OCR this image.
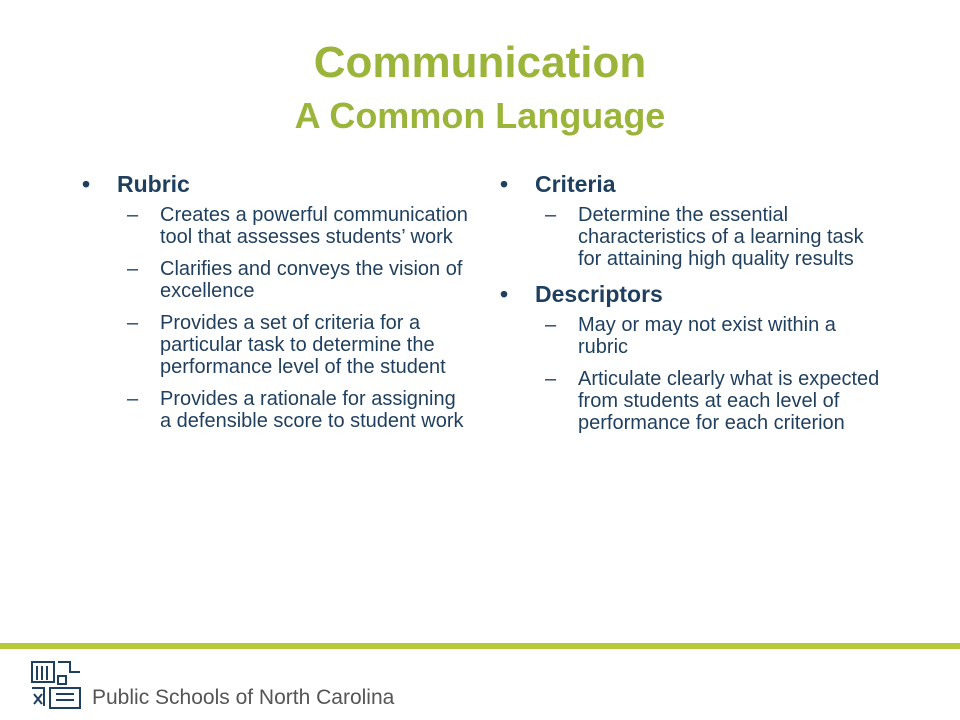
Communication
A Common Language
• Rubric
– Creates a powerful communication tool that assesses students’ work
– Clarifies and conveys the vision of excellence
– Provides a set of criteria for a particular task to determine the performance level of the student
– Provides a rationale for assigning a defensible score to student work
• Criteria
– Determine the essential characteristics of a learning task for attaining high quality results
• Descriptors
– May or may not exist within a rubric
– Articulate clearly what is expected from students at each level of performance for each criterion
Public Schools of North Carolina
